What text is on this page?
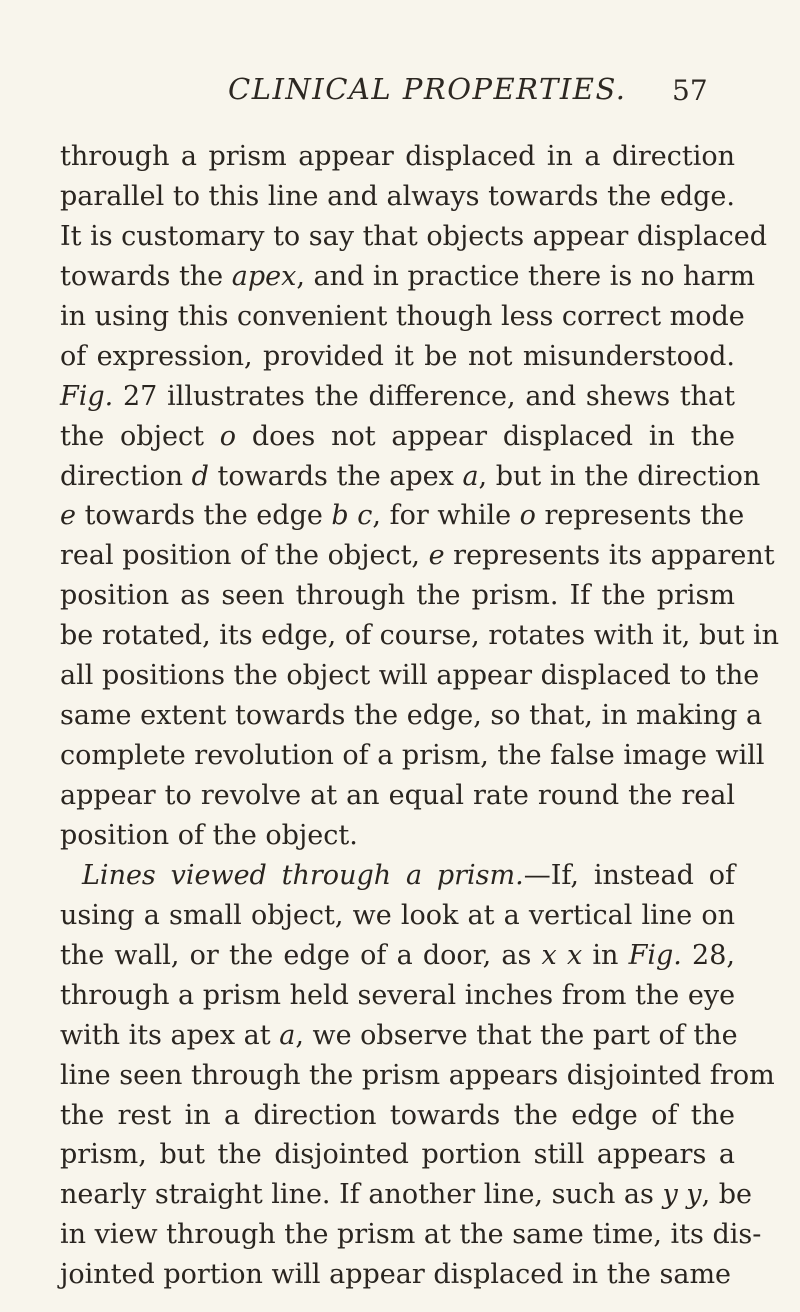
CLINICAL PROPERTIES. 57
through a prism appear displaced in a direction
parallel to this line and always towards the edge.
It is customary to say that objects appear displaced
towards the apex, and in practice there is no harm
in using this convenient though less correct mode
of expression, provided it be not misunderstood.
Fig. 27 illustrates the difference, and shews that
the object o does not appear displaced in the
direction d towards the apex a, but in the direction
e towards the edge b c, for while o represents the
real position of the object, e represents its apparent
position as seen through the prism. If the prism
be rotated, its edge, of course, rotates with it, but in
all positions the object will appear displaced to the
same extent towards the edge, so that, in making a
complete revolution of a prism, the false image will
appear to revolve at an equal rate round the real
position of the object.
Lines viewed through a prism.—If, instead of
using a small object, we look at a vertical line on
the wall, or the edge of a door, as x x in Fig. 28,
through a prism held several inches from the eye
with its apex at a, we observe that the part of the
line seen through the prism appears disjointed from
the rest in a direction towards the edge of the
prism, but the disjointed portion still appears a
nearly straight line. If another line, such as y y, be
in view through the prism at the same time, its dis-
jointed portion will appear displaced in the same
